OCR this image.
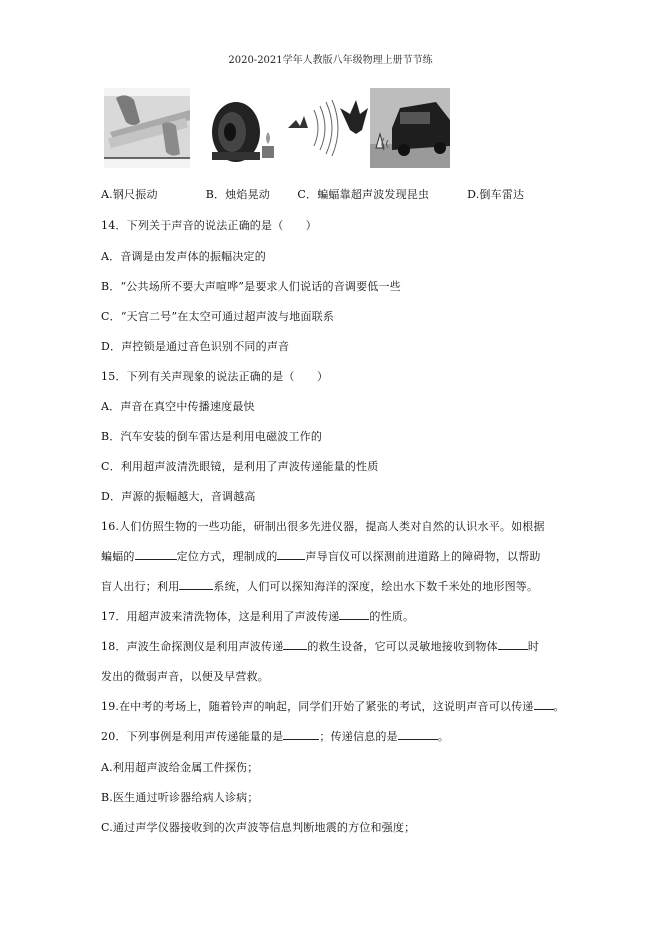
2020-2021学年人教版八年级物理上册节节练
A.钢尺振动	B．烛焰晃动 C．蝙蝠靠超声波发现昆虫	D.倒车雷达
14．下列关于声音的说法正确的是（　　）
A．音调是由发声体的振幅决定的
B．“公共场所不要大声喧哗”是要求人们说话的音调要低一些
C．“天宫二号”在太空可通过超声波与地面联系
D．声控锁是通过音色识别不同的声音
15．下列有关声现象的说法正确的是（　　）
A．声音在真空中传播速度最快
B．汽车安装的倒车雷达是利用电磁波工作的
C．利用超声波清洗眼镜，是利用了声波传递能量的性质
D．声源的振幅越大，音调越高
16.人们仿照生物的一些功能，研制出很多先进仪器，提高人类对自然的认识水平。如根据
蝙蝠的	定位方式，理制成的	声导盲仪可以探测前进道路上的障碍物，以帮助
盲人出行；利用	系统，人们可以探知海洋的深度，绘出水下数千米处的地形图等。
17．用超声波来清洗物体，这是利用了声波传递	的性质。
18．声波生命探测仪是利用声波传递 的救生设备，它可以灵敏地接收到物体	时
发出的微弱声音，以便及早营救。
19.在中考的考场上，随着铃声的响起，同学们开始了紧张的考试，这说明声音可以传递 。
20．下列事例是利用声传递能量的是	；传递信息的是	。
A.利用超声波给金属工件探伤；
B.医生通过听诊器给病人诊病；
C.通过声学仪器接收到的次声波等信息判断地震的方位和强度；
